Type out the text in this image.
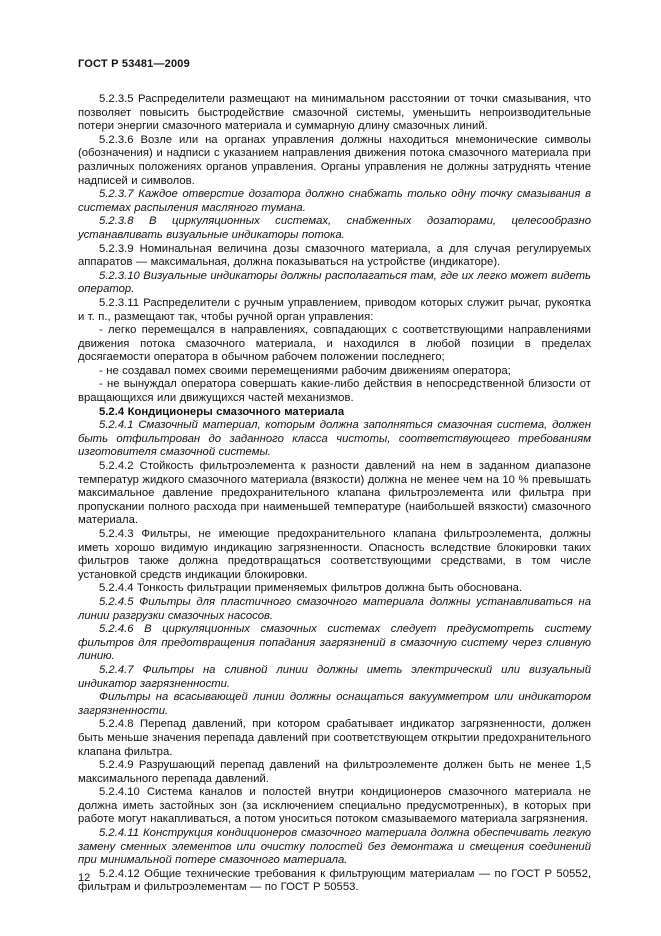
ГОСТ Р 53481—2009

5.2.3.5 Распределители размещают на минимальном расстоянии от точки смазывания, что позволяет повысить быстродействие смазочной системы, уменьшить непроизводительные потери энергии смазочного материала и суммарную длину смазочных линий.

5.2.3.6 Возле или на органах управления должны находиться мнемонические символы (обозначения) и надписи с указанием направления движения потока смазочного материала при различных положениях органов управления. Органы управления не должны затруднять чтение надписей и символов.

5.2.3.7 Каждое отверстие дозатора должно снабжать только одну точку смазывания в системах распыления масляного тумана.

5.2.3.8 В циркуляционных системах, снабженных дозаторами, целесообразно устанавливать визуальные индикаторы потока.

5.2.3.9 Номинальная величина дозы смазочного материала, а для случая регулируемых аппаратов — максимальная, должна показываться на устройстве (индикаторе).

5.2.3.10 Визуальные индикаторы должны располагаться там, где их легко может видеть оператор.

5.2.3.11 Распределители с ручным управлением, приводом которых служит рычаг, рукоятка и т. п., размещают так, чтобы ручной орган управления:

- легко перемещался в направлениях, совпадающих с соответствующими направлениями движения потока смазочного материала, и находился в любой позиции в пределах досягаемости оператора в обычном рабочем положении последнего;

- не создавал помех своими перемещениями рабочим движениям оператора;

- не вынуждал оператора совершать какие-либо действия в непосредственной близости от вращающихся или движущихся частей механизмов.

5.2.4 Кондиционеры смазочного материала

5.2.4.1 Смазочный материал, которым должна заполняться смазочная система, должен быть отфильтрован до заданного класса чистоты, соответствующего требованиям изготовителя смазочной системы.

5.2.4.2 Стойкость фильтроэлемента к разности давлений на нем в заданном диапазоне температур жидкого смазочного материала (вязкости) должна не менее чем на 10 % превышать максимальное давление предохранительного клапана фильтроэлемента или фильтра при пропускании полного расхода при наименьшей температуре (наибольшей вязкости) смазочного материала.

5.2.4.3 Фильтры, не имеющие предохранительного клапана фильтроэлемента, должны иметь хорошо видимую индикацию загрязненности. Опасность вследствие блокировки таких фильтров также должна предотвращаться соответствующими средствами, в том числе установкой средств индикации блокировки.

5.2.4.4 Тонкость фильтрации применяемых фильтров должна быть обоснована.

5.2.4.5 Фильтры для пластичного смазочного материала должны устанавливаться на линии разгрузки смазочных насосов.

5.2.4.6 В циркуляционных смазочных системах следует предусмотреть систему фильтров для предотвращения попадания загрязнений в смазочную систему через сливную линию.

5.2.4.7 Фильтры на сливной линии должны иметь электрический или визуальный индикатор загрязненности.

Фильтры на всасывающей линии должны оснащаться вакуумметром или индикатором загрязненности.

5.2.4.8 Перепад давлений, при котором срабатывает индикатор загрязненности, должен быть меньше значения перепада давлений при соответствующем открытии предохранительного клапана фильтра.

5.2.4.9 Разрушающий перепад давлений на фильтроэлементе должен быть не менее 1,5 максимального перепада давлений.

5.2.4.10 Система каналов и полостей внутри кондиционеров смазочного материала не должна иметь застойных зон (за исключением специально предусмотренных), в которых при работе могут накапливаться, а потом уноситься потоком смазываемого материала загрязнения.

5.2.4.11 Конструкция кондиционеров смазочного материала должна обеспечивать легкую замену сменных элементов или очистку полостей без демонтажа и смещения соединений при минимальной потере смазочного материала.

5.2.4.12 Общие технические требования к фильтрующим материалам — по ГОСТ Р 50552, фильтрам и фильтроэлементам — по ГОСТ Р 50553.

12
